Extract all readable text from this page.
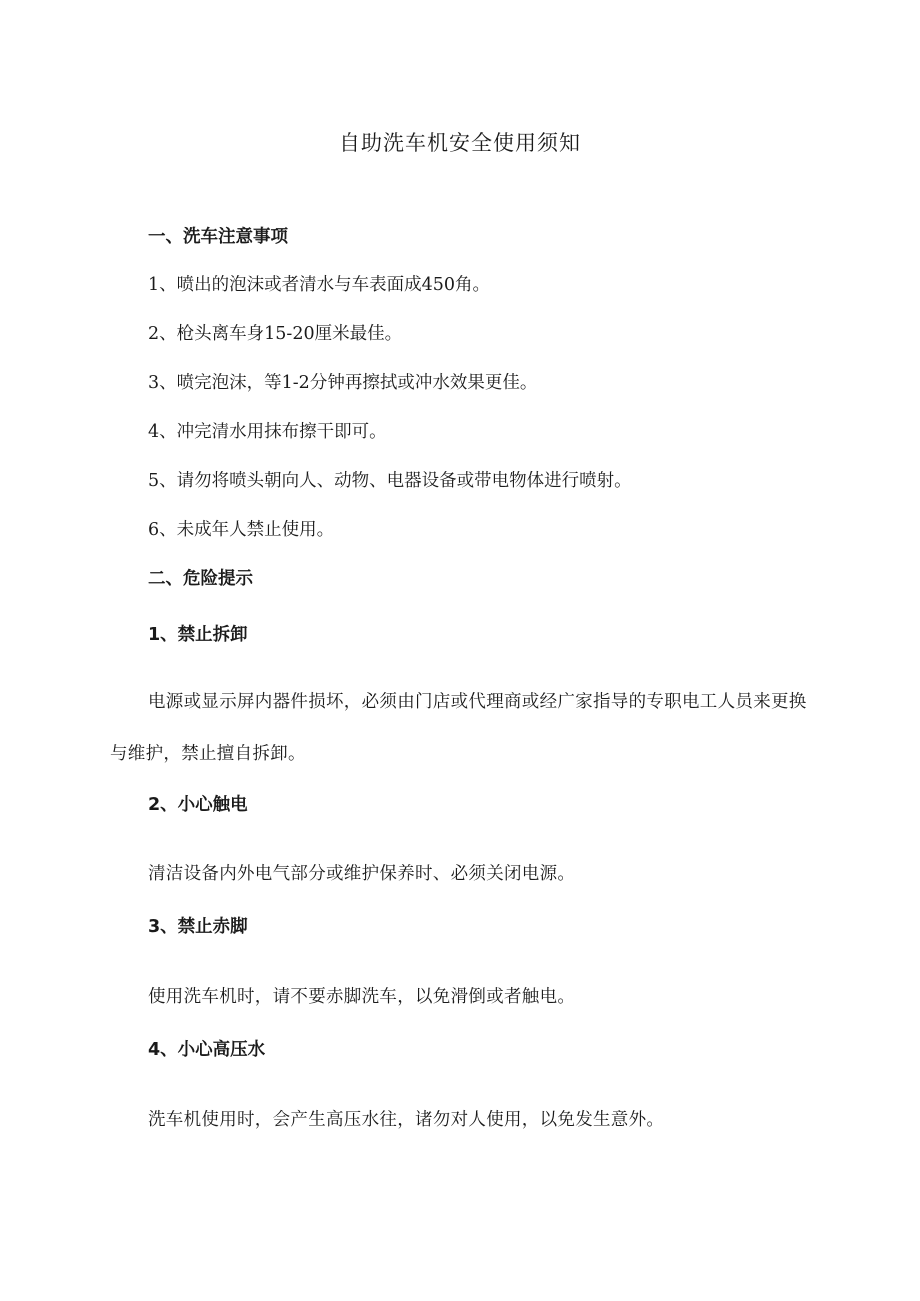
自助洗车机安全使用须知
一、洗车注意事项
1、喷出的泡沫或者清水与车表面成450角。
2、枪头离车身15-20厘米最佳。
3、喷完泡沫，等1-2分钟再擦拭或冲水效果更佳。
4、冲完清水用抹布擦干即可。
5、请勿将喷头朝向人、动物、电器设备或带电物体进行喷射。
6、未成年人禁止使用。
二、危险提示
1、禁止拆卸
电源或显示屏内器件损坏，必须由门店或代理商或经广家指导的专职电工人员来更换与维护，禁止擅自拆卸。
2、小心触电
清洁设备内外电气部分或维护保养时、必须关闭电源。
3、禁止赤脚
使用洗车机时，请不要赤脚洗车，以免滑倒或者触电。
4、小心高压水
洗车机使用时，会产生高压水往，诸勿对人使用，以免发生意外。
